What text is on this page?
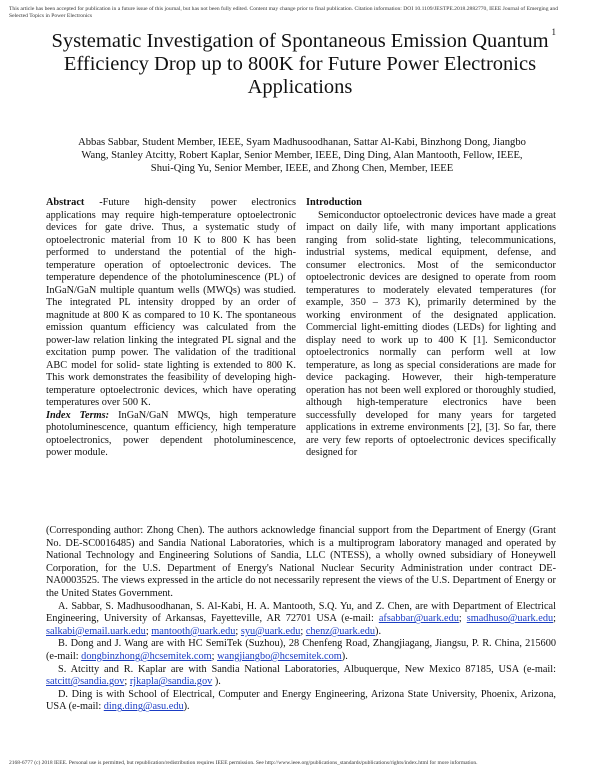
This article has been accepted for publication in a future issue of this journal, but has not been fully edited. Content may change prior to final publication. Citation information: DOI 10.1109/JESTPE.2018.2882770, IEEE Journal of Emerging and Selected Topics in Power Electronics
1
Systematic Investigation of Spontaneous Emission Quantum Efficiency Drop up to 800K for Future Power Electronics Applications
Abbas Sabbar, Student Member, IEEE, Syam Madhusoodhanan, Sattar Al-Kabi, Binzhong Dong, Jiangbo Wang, Stanley Atcitty, Robert Kaplar, Senior Member, IEEE, Ding Ding, Alan Mantooth, Fellow, IEEE, Shui-Qing Yu, Senior Member, IEEE, and Zhong Chen, Member, IEEE

Abstract -Future high-density power electronics applications may require high-temperature optoelectronic devices for gate drive. Thus, a systematic study of optoelectronic material from 10 K to 800 K has been performed to understand the potential of the high-temperature operation of optoelectronic devices. The temperature dependence of the photoluminescence (PL) of InGaN/GaN multiple quantum wells (MWQs) was studied. The integrated PL intensity dropped by an order of magnitude at 800 K as compared to 10 K. The spontaneous emission quantum efficiency was calculated from the power-law relation linking the integrated PL signal and the excitation pump power. The validation of the traditional ABC model for solid- state lighting is extended to 800 K. This work demonstrates the feasibility of developing high-temperature optoelectronic devices, which have operating temperatures over 500 K.

Index Terms: InGaN/GaN MWQs, high temperature photoluminescence, quantum efficiency, high temperature optoelectronics, power dependent photoluminescence, power module.

Introduction

Semiconductor optoelectronic devices have made a great impact on daily life, with many important applications ranging from solid-state lighting, telecommunications, industrial systems, medical equipment, defense, and consumer electronics. Most of the semiconductor optoelectronic devices are designed to operate from room temperatures to moderately elevated temperatures (for example, 350 – 373 K), primarily determined by the working environment of the designated application. Commercial light-emitting diodes (LEDs) for lighting and display need to work up to 400 K [1]. Semiconductor optoelectronics normally can perform well at low temperature, as long as special considerations are made for device packaging. However, their high-temperature operation has not been well explored or thoroughly studied, although high-temperature electronics have been successfully developed for many years for targeted applications in extreme environments [2], [3]. So far, there are very few reports of optoelectronic devices specifically designed for

(Corresponding author: Zhong Chen). The authors acknowledge financial support from the Department of Energy (Grant No. DE-SC0016485) and Sandia National Laboratories, which is a multiprogram laboratory managed and operated by National Technology and Engineering Solutions of Sandia, LLC (NTESS), a wholly owned subsidiary of Honeywell Corporation, for the U.S. Department of Energy's National Nuclear Security Administration under contract DE-NA0003525. The views expressed in the article do not necessarily represent the views of the U.S. Department of Energy or the United States Government.

A. Sabbar, S. Madhusoodhanan, S. Al-Kabi, H. A. Mantooth, S.Q. Yu, and Z. Chen, are with Department of Electrical Engineering, University of Arkansas, Fayetteville, AR 72701 USA (e-mail: afsabbar@uark.edu; smadhuso@uark.edu; salkabi@email.uark.edu; mantooth@uark.edu; syu@uark.edu; chenz@uark.edu).

B. Dong and J. Wang are with HC SemiTek (Suzhou), 28 Chenfeng Road, Zhangjiagang, Jiangsu, P. R. China, 215600 (e-mail: dongbinzhong@hcsemitek.com; wangjiangbo@hcsemitek.com).

S. Atcitty and R. Kaplar are with Sandia National Laboratories, Albuquerque, New Mexico 87185, USA (e-mail: satcitt@sandia.gov; rjkapla@sandia.gov ).

D. Ding is with School of Electrical, Computer and Energy Engineering, Arizona State University, Phoenix, Arizona, USA (e-mail: ding.ding@asu.edu).

2168-6777 (c) 2018 IEEE. Personal use is permitted, but republication/redistribution requires IEEE permission. See http://www.ieee.org/publications_standards/publications/rights/index.html for more information.
